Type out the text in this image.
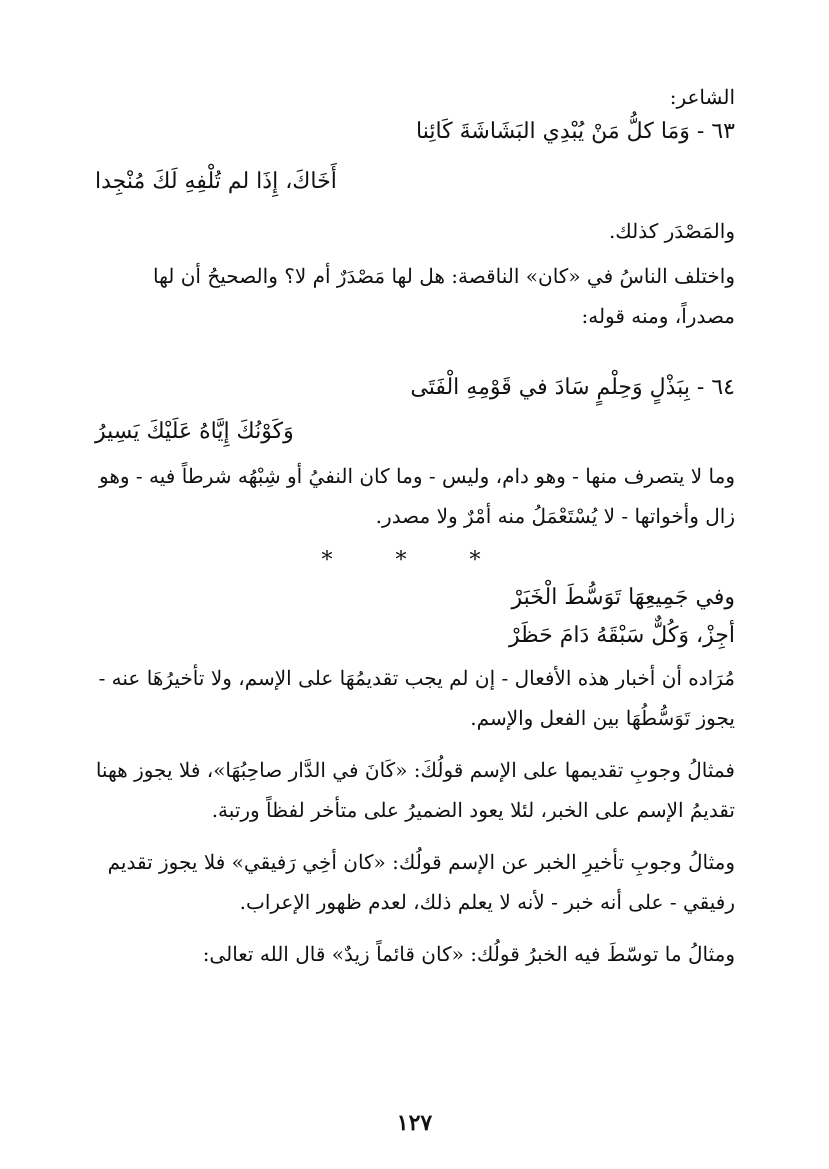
الشاعر:
٦٣ - وَمَا كلُّ مَنْ يُبْدِي البَشَاشَةَ كَائِنا
أَخَاكَ، إِذَا لم تُلْفِهِ لَكَ مُنْجِدا
والمَصْدَر كذلك.
واختلف الناسُ في «كان» الناقصة: هل لها مَصْدَرٌ أم لا؟ والصحيحُ أن لها مصدراً، ومنه قوله:
٦٤ - بِبَذْلٍ وَحِلْمٍ سَادَ في قَوْمِهِ الْفَتَى
وَكَوْنُكَ إِيَّاهُ عَلَيْكَ يَسِيرُ
وما لا يتصرف منها - وهو دام، وليس - وما كان النفيُ أو شِبْهُه شرطاً فيه - وهو زال وأخواتها - لا يُسْتَعْمَلُ منه أمْرٌ ولا مصدر.
* * *
وفي جَمِيعِهَا تَوَسُّطَ الْخَبَرْ
أجِزْ، وَكُلٌّ سَبْقَهُ دَامَ حَظَرْ
مُرَاده أن أخبار هذه الأفعال - إن لم يجب تقديمُهَا على الإسم، ولا تأخيرُهَا عنه - يجوز تَوَسُّطُهَا بين الفعل والإسم.
فمثالُ وجوبِ تقديمها على الإسم قولُكَ: «كَانَ في الدَّار صاحِبُهَا»، فلا يجوز ههنا تقديمُ الإسم على الخبر، لئلا يعود الضميرُ على متأخر لفظاً ورتبة.
ومثالُ وجوبِ تأخيرِ الخبر عن الإسم قولُك: «كان أخِي رَفيقي» فلا يجوز تقديم رفيقي - على أنه خبر - لأنه لا يعلم ذلك، لعدم ظهور الإعراب.
ومثالُ ما توسّطَ فيه الخبرُ قولُك: «كان قائماً زيدٌ» قال الله تعالى:
١٢٧
